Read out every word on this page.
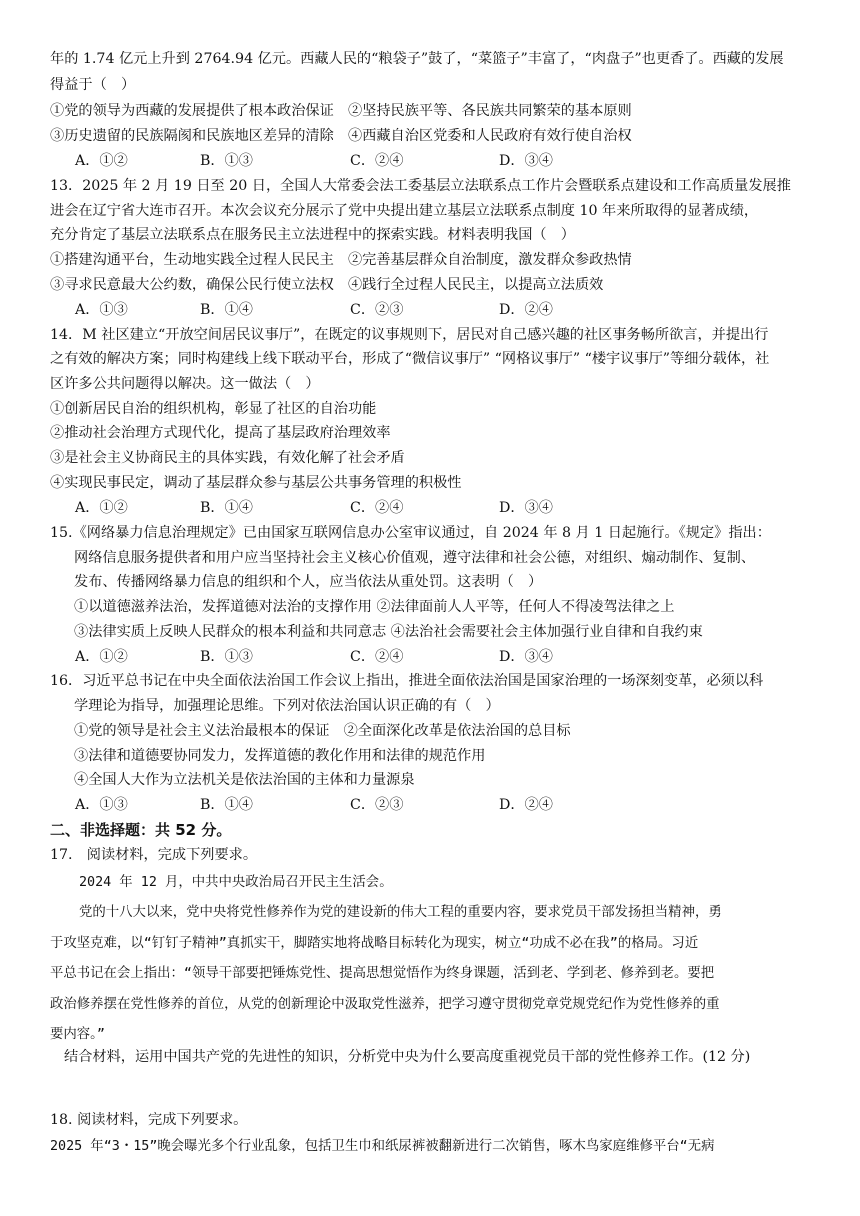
年的 1.74 亿元上升到 2764.94 亿元。西藏人民的“粮袋子”鼓了，“菜篮子”丰富了，“肉盘子”也更香了。西藏的发展
得益于（　）
①党的领导为西藏的发展提供了根本政治保证　②坚持民族平等、各民族共同繁荣的基本原则
③历史遗留的民族隔阂和民族地区差异的清除　④西藏自治区党委和人民政府有效行使自治权
A．①②	B．①③	C．②④	D．③④
13．2025 年 2 月 19 日至 20 日，全国人大常委会法工委基层立法联系点工作片会暨联系点建设和工作高质量发展推
进会在辽宁省大连市召开。本次会议充分展示了党中央提出建立基层立法联系点制度 10 年来所取得的显著成绩，
充分肯定了基层立法联系点在服务民主立法进程中的探索实践。材料表明我国（　）
①搭建沟通平台，生动地实践全过程人民民主　②完善基层群众自治制度，激发群众参政热情
③寻求民意最大公约数，确保公民行使立法权　④践行全过程人民民主，以提高立法质效
A．①③	B．①④	C．②③	D．②④
14．M 社区建立“开放空间居民议事厅”，在既定的议事规则下，居民对自己感兴趣的社区事务畅所欲言，并提出行
之有效的解决方案；同时构建线上线下联动平台，形成了“微信议事厅” “网格议事厅” “楼宇议事厅”等细分载体，社
区许多公共问题得以解决。这一做法（　）
①创新居民自治的组织机构，彰显了社区的自治功能
②推动社会治理方式现代化，提高了基层政府治理效率
③是社会主义协商民主的具体实践，有效化解了社会矛盾
④实现民事民定，调动了基层群众参与基层公共事务管理的积极性
A．①②	B．①④	C．②④	D．③④
15.《网络暴力信息治理规定》已由国家互联网信息办公室审议通过，自 2024 年 8 月 1 日起施行。《规定》指出：
网络信息服务提供者和用户应当坚持社会主义核心价值观，遵守法律和社会公德，对组织、煽动制作、复制、
发布、传播网络暴力信息的组织和个人，应当依法从重处罚。这表明（　）
①以道德滋养法治，发挥道德对法治的支撑作用 ②法律面前人人平等，任何人不得凌驾法律之上
③法律实质上反映人民群众的根本利益和共同意志 ④法治社会需要社会主体加强行业自律和自我约束
A．①②	B．①③	C．②④	D．③④
16．习近平总书记在中央全面依法治国工作会议上指出，推进全面依法治国是国家治理的一场深刻变革，必须以科
学理论为指导，加强理论思维。下列对依法治国认识正确的有（　）
①党的领导是社会主义法治最根本的保证　②全面深化改革是依法治国的总目标
③法律和道德要协同发力，发挥道德的教化作用和法律的规范作用
④全国人大作为立法机关是依法治国的主体和力量源泉
A．①③	B．①④	C．②③	D．②④
二、非选择题：共 52 分。
17.　阅读材料，完成下列要求。
2024 年 12 月，中共中央政治局召开民主生活会。
党的十八大以来，党中央将党性修养作为党的建设新的伟大工程的重要内容，要求党员干部发扬担当精神，勇
于攻坚克难，以“钉钉子精神”真抓实干，脚踏实地将战略目标转化为现实，树立“功成不必在我”的格局。习近
平总书记在会上指出：“领导干部要把锤炼党性、提高思想觉悟作为终身课题，活到老、学到老、修养到老。要把
政治修养摆在党性修养的首位，从党的创新理论中汲取党性滋养，把学习遵守贯彻党章党规党纪作为党性修养的重
要内容。”
结合材料，运用中国共产党的先进性的知识，分析党中央为什么要高度重视党员干部的党性修养工作。(12 分)
18. 阅读材料，完成下列要求。
2025 年“3・15”晚会曝光多个行业乱象，包括卫生巾和纸尿裤被翻新进行二次销售，啄木鸟家庭维修平台“无病
